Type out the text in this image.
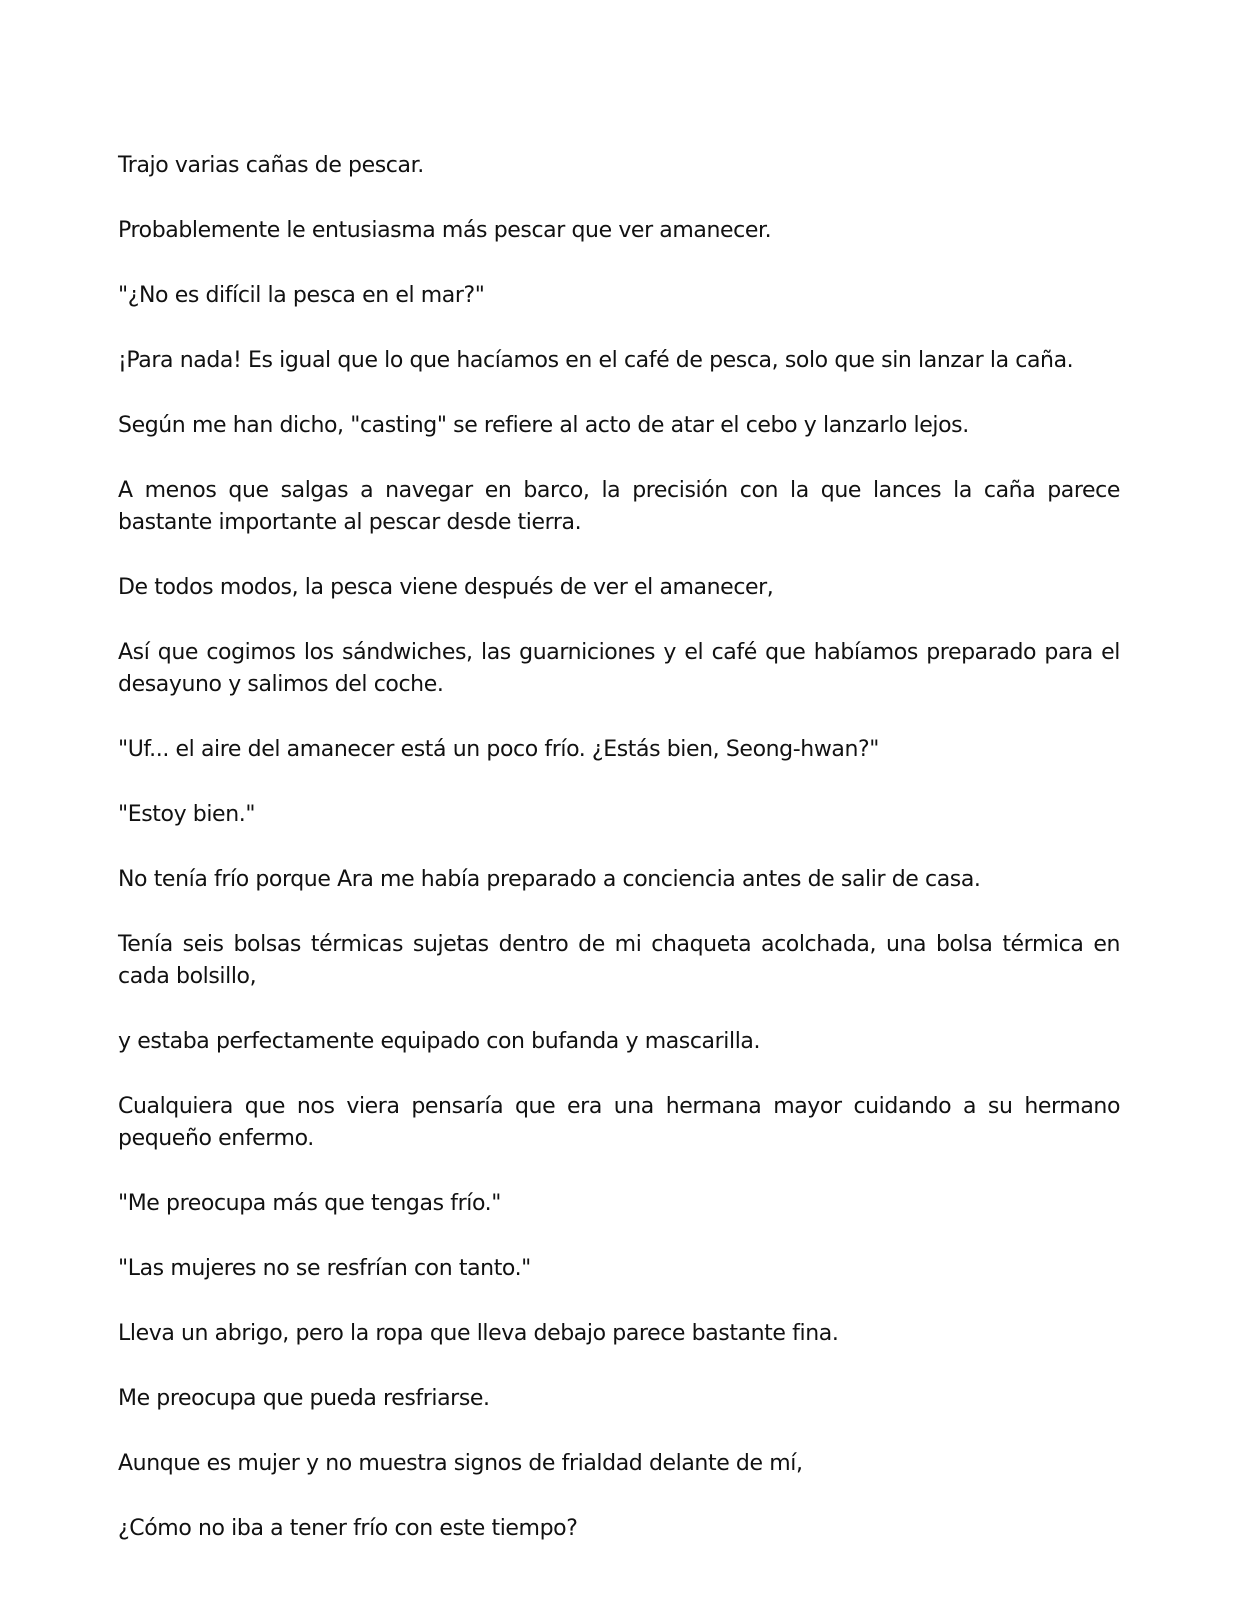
Trajo varias cañas de pescar.

Probablemente le entusiasma más pescar que ver amanecer.

"¿No es difícil la pesca en el mar?"

¡Para nada! Es igual que lo que hacíamos en el café de pesca, solo que sin lanzar la caña.

Según me han dicho, "casting" se refiere al acto de atar el cebo y lanzarlo lejos.

A menos que salgas a navegar en barco, la precisión con la que lances la caña parece bastante importante al pescar desde tierra.

De todos modos, la pesca viene después de ver el amanecer,

Así que cogimos los sándwiches, las guarniciones y el café que habíamos preparado para el desayuno y salimos del coche.

"Uf... el aire del amanecer está un poco frío. ¿Estás bien, Seong-hwan?"

"Estoy bien."

No tenía frío porque Ara me había preparado a conciencia antes de salir de casa.

Tenía seis bolsas térmicas sujetas dentro de mi chaqueta acolchada, una bolsa térmica en cada bolsillo,

y estaba perfectamente equipado con bufanda y mascarilla.

Cualquiera que nos viera pensaría que era una hermana mayor cuidando a su hermano pequeño enfermo.

"Me preocupa más que tengas frío."

"Las mujeres no se resfrían con tanto."

Lleva un abrigo, pero la ropa que lleva debajo parece bastante fina.

Me preocupa que pueda resfriarse.

Aunque es mujer y no muestra signos de frialdad delante de mí,

¿Cómo no iba a tener frío con este tiempo?
